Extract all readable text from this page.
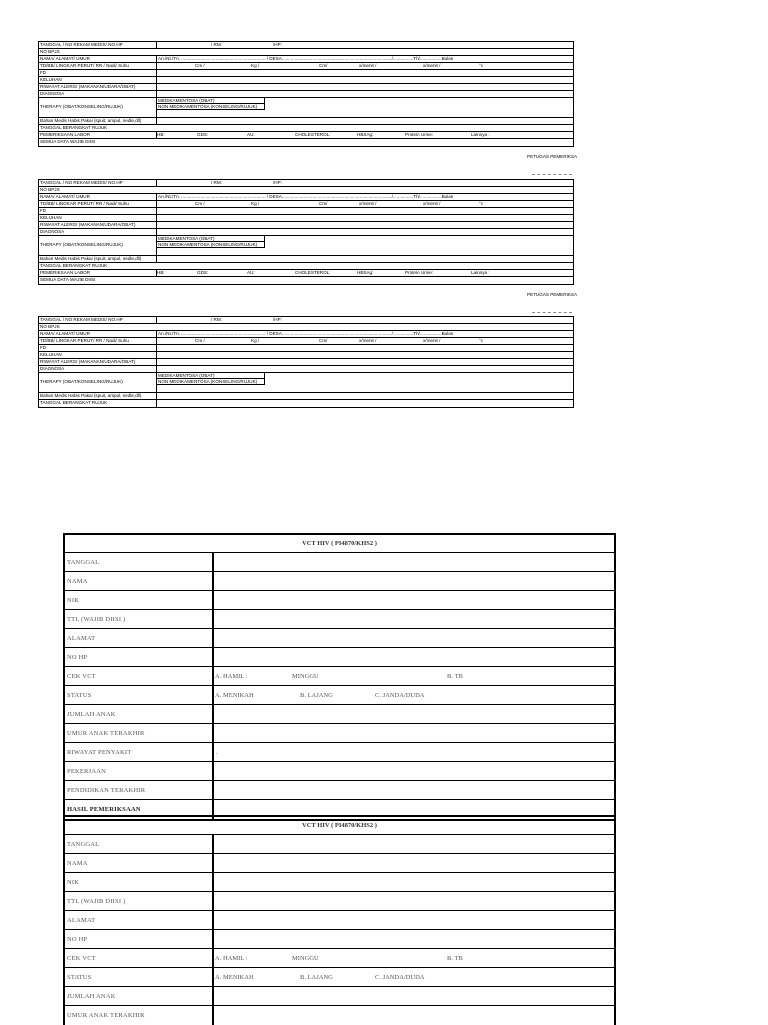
TANGGAL / NO REKAM MEDIS/ NO.HP	/ RM:	/HP:
NO BPJS
NAMA/ ALAMAT/ UMUR	An./Nt./Tn. .................................................................. / DESA....................................................................................../................Th/.................Bulan
TD/BB/ LINGKAR PERUT/ RR / Nadi/ Suhu	Cm /	Kg /	Cm/	x/menit /	x/menit /	°c
FD
KELUHAN
RIWAYAT ALERGI (MAKANAN/UDARA/OBAT)
DIAGNOSA
THERAPY (OBAT/KONSELING/RUJUK)
MEDIKAMENTOSA (OBAT)
NON MEDIKAMENTOSA (KONSELING/RUJUK)
Bahan Medis Habis Pakai (spuit, ampul, nedle,dll)
TANGGAL BERANGKAT RUJUK
PEMERIKSAAN LABOR	HB:	GDS:	AU:	CHOLESTEROL:	HBSAg:	Protein Urine:	Lainnya :
SEMUA DATA WAJIB DIISI
PETUGAS PEMERIKSA
TANGGAL / NO REKAM MEDIS/ NO.HP	/ RM:	/HP:
NO BPJS
NAMA/ ALAMAT/ UMUR	An./Nt./Tn. .................................................................. / DESA....................................................................................../................Th/.................Bulan
TD/BB/ LINGKAR PERUT/ RR / Nadi/ Suhu	Cm /	Kg /	Cm/	x/menit /	x/menit /	°c
FD
KELUHAN
RIWAYAT ALERGI (MAKANAN/UDARA/OBAT)
DIAGNOSA
THERAPY (OBAT/KONSELING/RUJUK)
MEDIKAMENTOSA (OBAT)
NON MEDIKAMENTOSA (KONSELING/RUJUK)
Bahan Medis Habis Pakai (spuit, ampul, nedle,dll)
TANGGAL BERANGKAT RUJUK
PEMERIKSAAN LABOR	HB:	GDS:	AU:	CHOLESTEROL:	HBSAg:	Protein Urine:	Lainnya :
SEMUA DATA WAJIB DIISI
PETUGAS PEMERIKSA
TANGGAL / NO REKAM MEDIS/ NO.HP	/ RM:	/HP:
NO BPJS
NAMA/ ALAMAT/ UMUR	An./Nt./Tn. .................................................................. / DESA....................................................................................../................Th/.................Bulan
TD/BB/ LINGKAR PERUT/ RR / Nadi/ Suhu	Cm /	Kg /	Cm/	x/menit /	x/menit /	°c
FD
KELUHAN
RIWAYAT ALERGI (MAKANAN/UDARA/OBAT)
DIAGNOSA
THERAPY (OBAT/KONSELING/RUJUK)
MEDIKAMENTOSA (OBAT)
NON MEDIKAMENTOSA (KONSELING/RUJUK)
Bahan Medis Habis Pakai (spuit, ampul, nedle,dll)
TANGGAL BERANGKAT RUJUK
VCT HIV ( PI4870/KHS2 )
TANGGAL
NAMA
NIK
TTL (WAJIB DIISI )
ALAMAT
NO HP
CEK VCT	A. HAMIL :	MINGGU	B. TB
STATUS	A. MENIKAH	B. LAJANG	C. JANDA/DUDA
JUMLAH ANAK
UMUR ANAK TERAKHIR
RIWAYAT PENYAKIT	.
PEKERJAAN
PENDIDIKAN TERAKHIR
HASIL PEMERIKSAAN
VCT HIV ( PI4870/KHS2 )
TANGGAL
NAMA
NIK
TTL (WAJIB DIISI )
ALAMAT
NO HP
CEK VCT	A. HAMIL :	MINGGU	B. TB
STATUS	A. MENIKAH	B. LAJANG	C. JANDA/DUDA
JUMLAH ANAK
UMUR ANAK TERAKHIR
